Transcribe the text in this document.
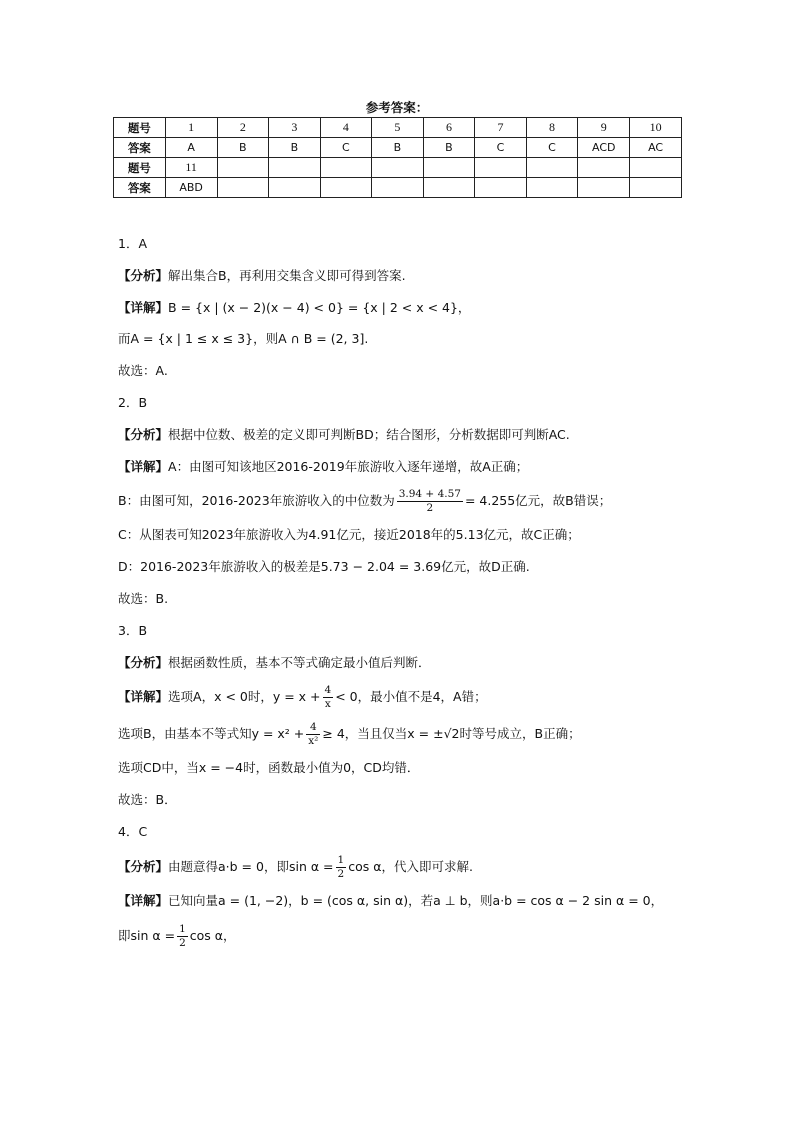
参考答案：
题号	1	2	3	4	5	6	7	8	9	10
答案	A	B	B	C	B	B	C	C	ACD	AC
题号	11									
答案	ABD									
1．A
【分析】解出集合B，再利用交集含义即可得到答案.
【详解】B = {x | (x − 2)(x − 4) < 0} = {x | 2 < x < 4}，
而A = {x | 1 ≤ x ≤ 3}，则A ∩ B = (2, 3].
故选：A.
2．B
【分析】根据中位数、极差的定义即可判断BD；结合图形，分析数据即可判断AC.
【详解】A：由图可知该地区2016-2019年旅游收入逐年递增，故A正确；
B：由图可知，2016-2023年旅游收入的中位数为 $\frac{3.94 + 4.57}{2} = 4.255$亿元，故B错误；
C：从图表可知2023年旅游收入为4.91亿元，接近2018年的5.13亿元，故C正确；
D：2016-2023年旅游收入的极差是5.73 − 2.04 = 3.69亿元，故D正确.
故选：B.
3．B
【分析】根据函数性质，基本不等式确定最小值后判断．
【详解】选项A，x < 0时，$y = x + \frac{4}{x} < 0$，最小值不是4，A错；
选项B，由基本不等式知$y = x^2 + \frac{4}{\text{x²}} \ge 4$，当且仅当x = ±√2时等号成立，B正确；
选项CD中，当x = −4时，函数最小值为0，CD均错．
故选：B．
4．C
【分析】由题意得a·b = 0，即$\sin \alpha = \frac{1}{2}$ cos α，代入即可求解.
【详解】已知向量a = (1, −2)，b = (cos α, sin α)，若a ⊥ b，则a·b = cos α − 2 sin α = 0，
即$\sin \alpha = \frac{1}{2}$ cos α，
